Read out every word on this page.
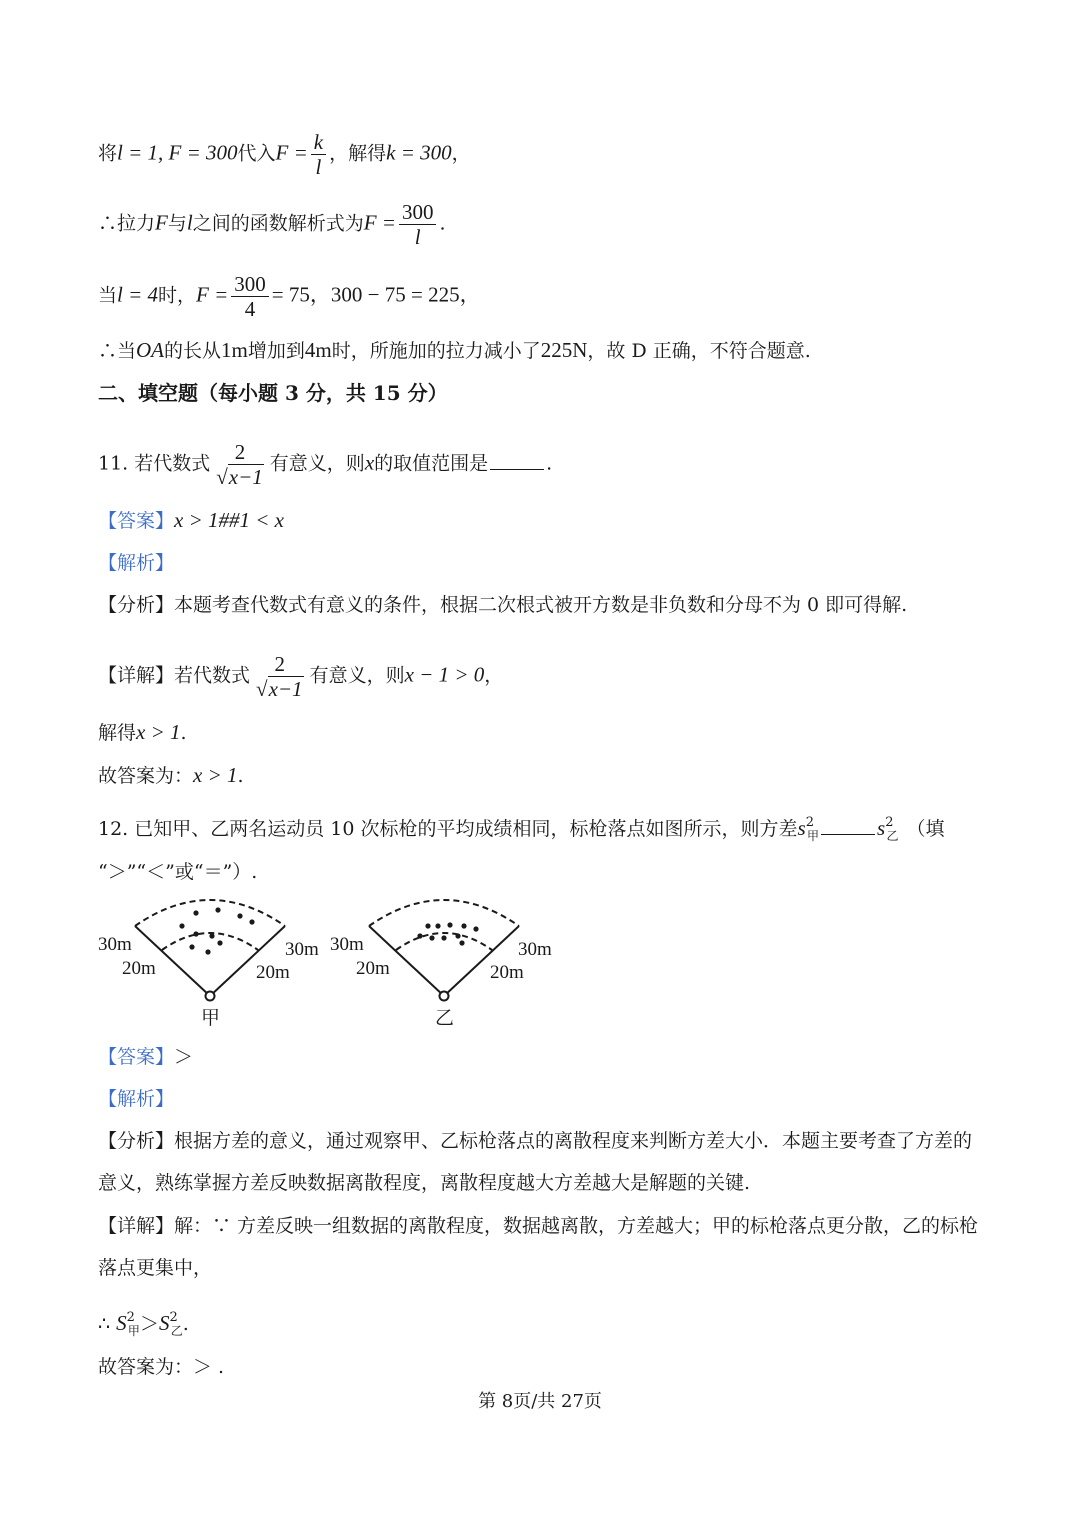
将l = 1, F = 300代入$F = \frac{k}{l}$ ，解得k = 300，
∴拉力F与l之间的函数解析式为$F = \frac{300}{l}$ .
当l = 4时，$F = \frac{300}{4} = 75$，300 − 75 = 225，
∴当OA的长从1m增加到4m时，所施加的拉力减小了225N，故 D 正确，不符合题意.
二、填空题（每小题 3 分，共 15 分）
11. 若代数式 $\frac{2}{√x-1}$ 有意义，则x的取值范围是	.
【答案】x > 1##1 < x
【解析】
【分析】本题考查代数式有意义的条件，根据二次根式被开方数是非负数和分母不为 0 即可得解.
【详解】若代数式 $\frac{2}{√x-1}$ 有意义，则x − 1 > 0，
解得x > 1.
故答案为：x > 1.
12. 已知甲、乙两名运动员 10 次标枪的平均成绩相同，标枪落点如图所示，则方差$s^2_甲$	$s^2_乙$ （填
“＞”“＜”或“＝”）.
30m
20m
30m
20m
甲
30m
20m
30m
20m
乙
【答案】＞
【解析】
【分析】根据方差的意义，通过观察甲、乙标枪落点的离散程度来判断方差大小．本题主要考查了方差的
意义，熟练掌握方差反映数据离散程度，离散程度越大方差越大是解题的关键.
【详解】解：∵ 方差反映一组数据的离散程度，数据越离散，方差越大；甲的标枪落点更分散，乙的标枪
落点更集中，
∴ $S^2_甲>S^2_乙$.
故答案为：＞ .
第 8页/共 27页
